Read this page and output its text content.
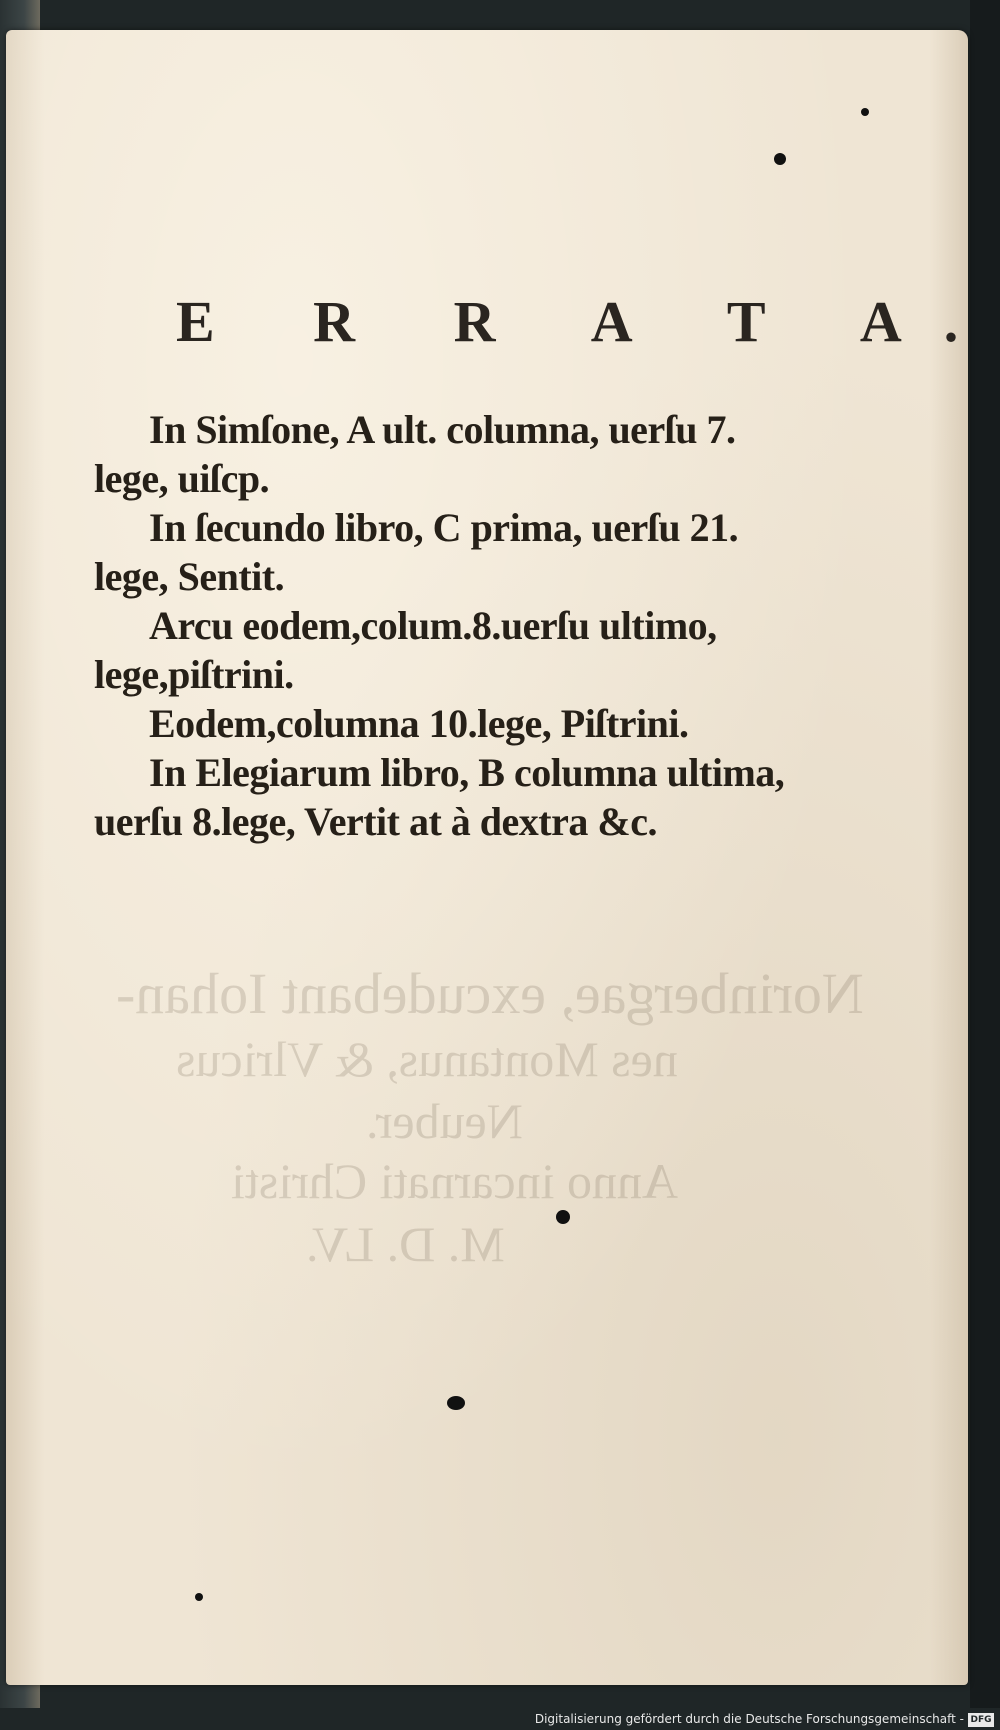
Norinbergae, excudebant Iohan-
nes Montanus, & Vlricus
Neuber.
Anno incarnati Christi
M. D. LV.
E R R A T A.
In Simſone, A ult. columna, uerſu 7.
lege, uiſcp.
In ſecundo libro, C prima, uerſu 21.
lege, Sentit.
Arcu eodem,colum.8.uerſu ultimo,
lege,piſtrini.
Eodem,columna 10.lege, Piſtrini.
In Elegiarum libro, B columna ultima,
uerſu 8.lege, Vertit at à dextra &c.
Digitalisierung gefördert durch die Deutsche Forschungsgemeinschaft - DFG
